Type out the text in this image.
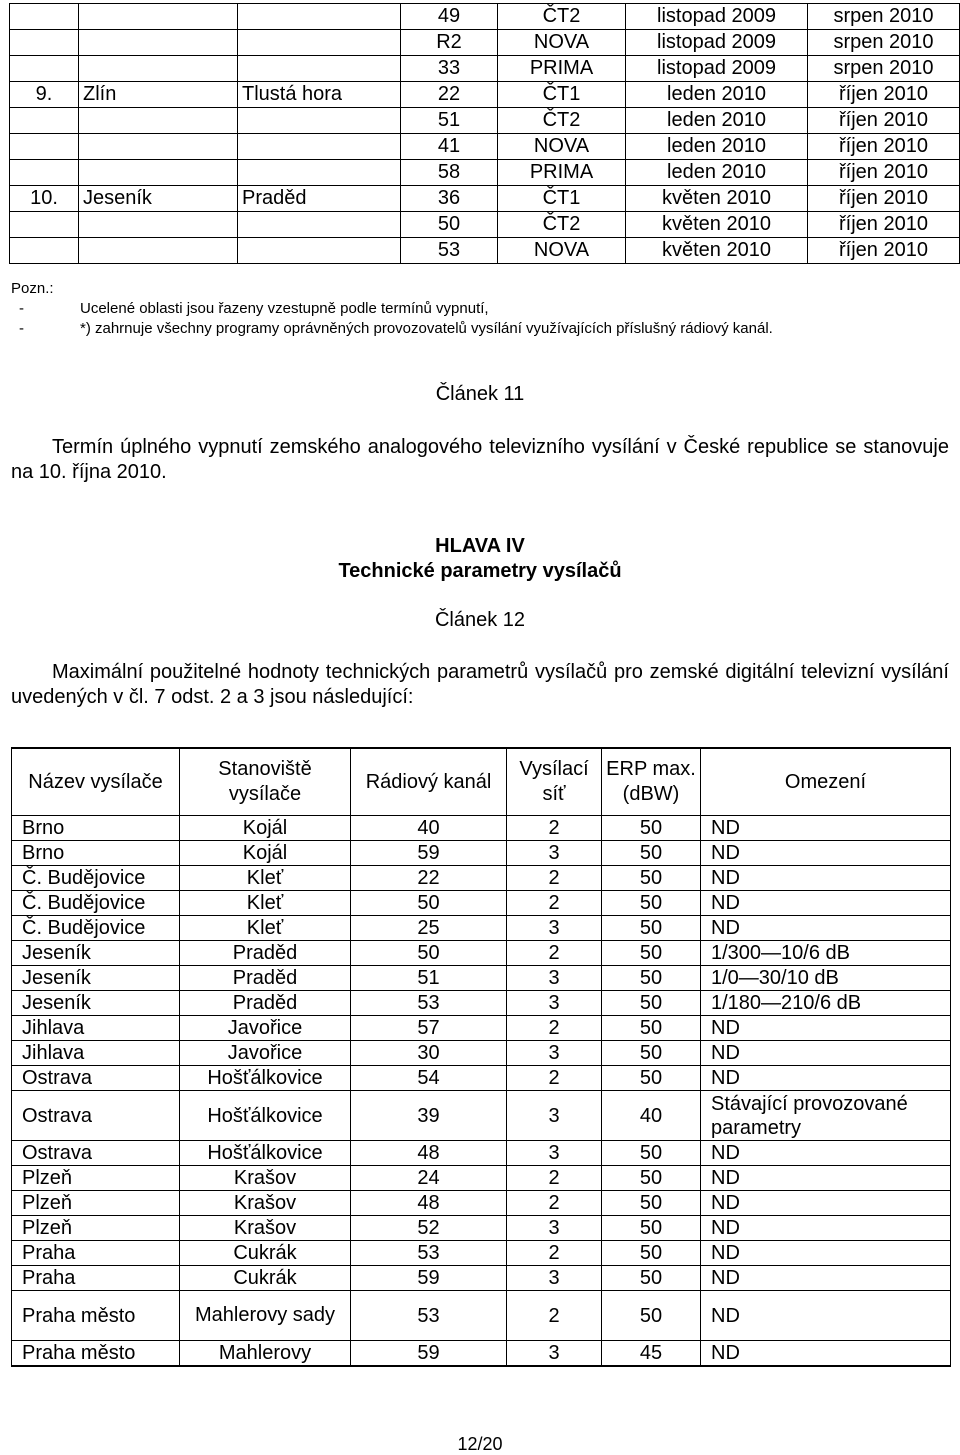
			49	ČT2	listopad 2009	srpen 2010
			R2	NOVA	listopad 2009	srpen 2010
			33	PRIMA	listopad 2009	srpen 2010
9.	Zlín	Tlustá hora	22	ČT1	leden 2010	říjen 2010
			51	ČT2	leden 2010	říjen 2010
			41	NOVA	leden 2010	říjen 2010
			58	PRIMA	leden 2010	říjen 2010
10.	Jeseník	Praděd	36	ČT1	květen 2010	říjen 2010
			50	ČT2	květen 2010	říjen 2010
			53	NOVA	květen 2010	říjen 2010
Pozn.:
-	Ucelené oblasti jsou řazeny vzestupně podle termínů vypnutí,
-	*) zahrnuje všechny programy oprávněných provozovatelů vysílání využívajících příslušný rádiový kanál.
Článek 11
Termín úplného vypnutí zemského analogového televizního vysílání v České republice se stanovuje na 10. října 2010.
HLAVA IV
Technické parametry vysílačů
Článek 12
Maximální použitelné hodnoty technických parametrů vysílačů pro zemské digitální televizní vysílání uvedených v čl. 7 odst. 2 a 3 jsou následující:
Název vysílače	Stanoviště vysílače	Rádiový kanál	Vysílací síť	ERP max. (dBW)	Omezení
Brno	Kojál	40	2	50	ND
Brno	Kojál	59	3	50	ND
Č. Budějovice	Kleť	22	2	50	ND
Č. Budějovice	Kleť	50	2	50	ND
Č. Budějovice	Kleť	25	3	50	ND
Jeseník	Praděd	50	2	50	1/300—10/6 dB
Jeseník	Praděd	51	3	50	1/0—30/10 dB
Jeseník	Praděd	53	3	50	1/180—210/6 dB
Jihlava	Javořice	57	2	50	ND
Jihlava	Javořice	30	3	50	ND
Ostrava	Hošťálkovice	54	2	50	ND
Ostrava	Hošťálkovice	39	3	40	Stávající provozované parametry
Ostrava	Hošťálkovice	48	3	50	ND
Plzeň	Krašov	24	2	50	ND
Plzeň	Krašov	48	2	50	ND
Plzeň	Krašov	52	3	50	ND
Praha	Cukrák	53	2	50	ND
Praha	Cukrák	59	3	50	ND
Praha město	Mahlerovy sady	53	2	50	ND
Praha město	Mahlerovy	59	3	45	ND
12/20
